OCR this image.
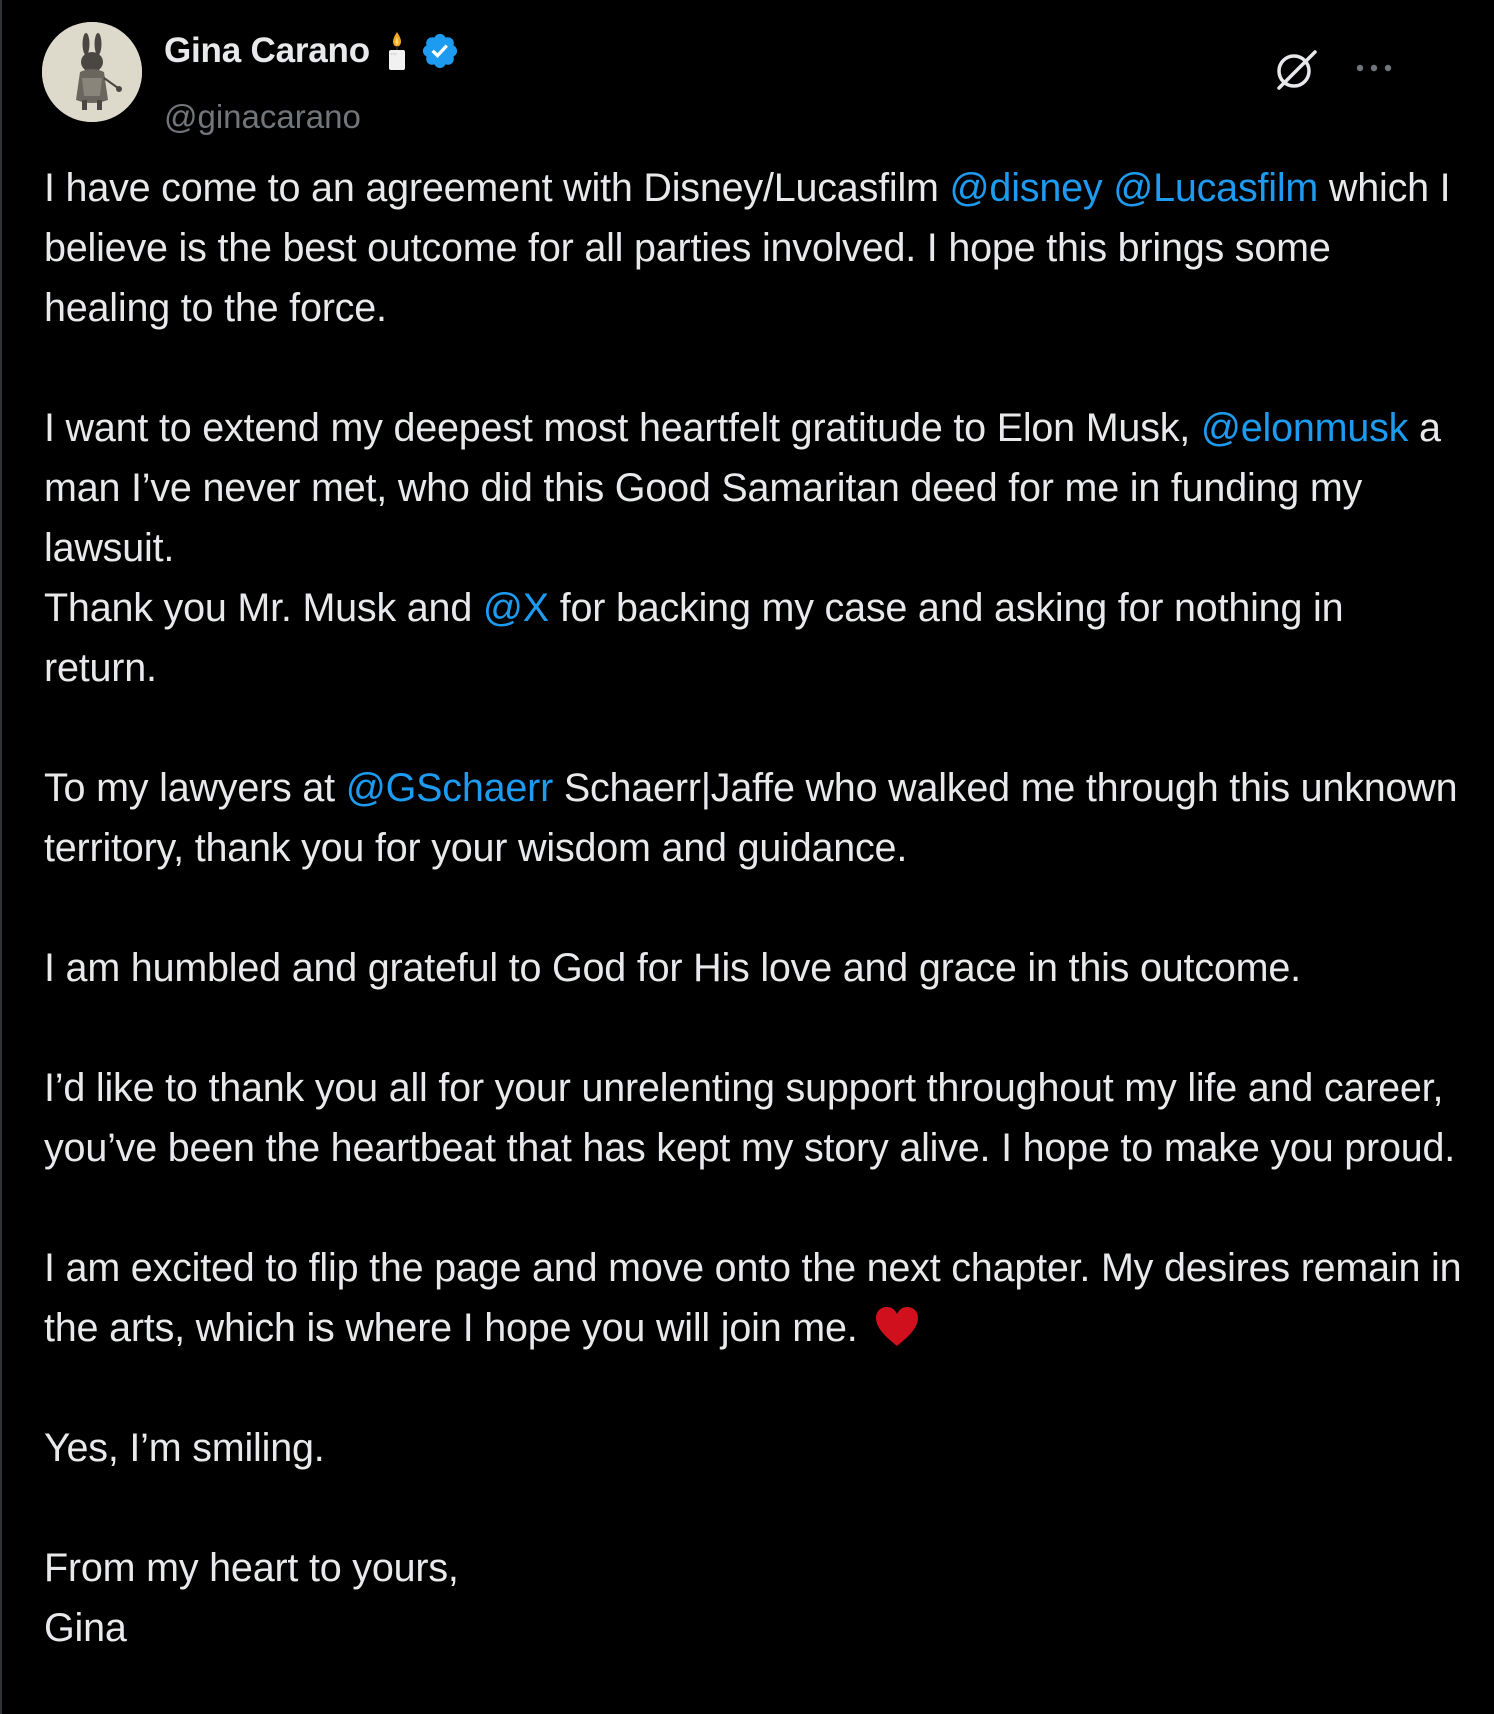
Gina Carano
@ginacarano

I have come to an agreement with Disney/Lucasfilm @disney @Lucasfilm which I believe is the best outcome for all parties involved. I hope this brings some healing to the force.

I want to extend my deepest most heartfelt gratitude to Elon Musk, @elonmusk a man I’ve never met, who did this Good Samaritan deed for me in funding my lawsuit.

Thank you Mr. Musk and @X for backing my case and asking for nothing in return.

To my lawyers at @GSchaerr Schaerr|Jaffe who walked me through this unknown territory, thank you for your wisdom and guidance.

I am humbled and grateful to God for His love and grace in this outcome.

I’d like to thank you all for your unrelenting support throughout my life and career, you’ve been the heartbeat that has kept my story alive. I hope to make you proud.

I am excited to flip the page and move onto the next chapter. My desires remain in the arts, which is where I hope you will join me.

Yes, I’m smiling.

From my heart to yours,

Gina
